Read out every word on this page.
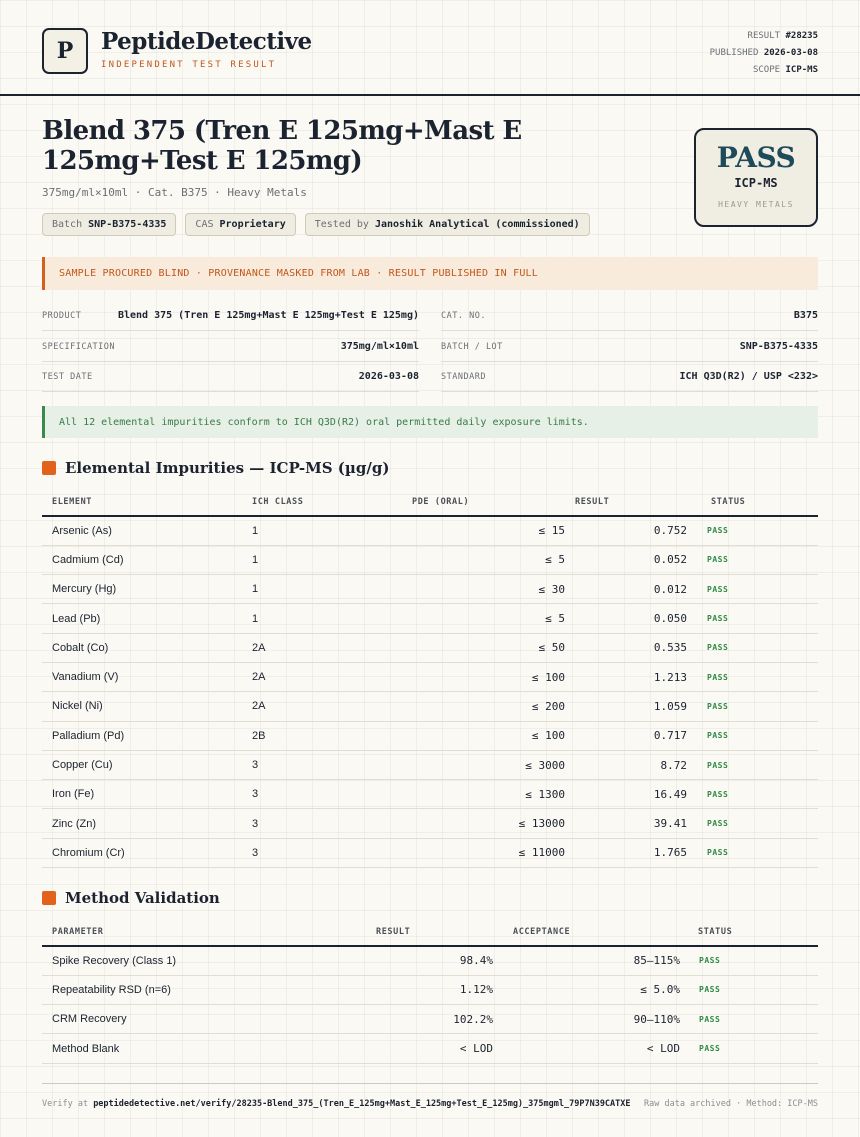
P PeptideDetective
INDEPENDENT TEST RESULT
RESULT #28235
PUBLISHED 2026-03-08
SCOPE ICP-MS
Blend 375 (Tren E 125mg+Mast E 125mg+Test E 125mg)
375mg/ml×10ml · Cat. B375 · Heavy Metals
Batch SNP-B375-4335	CAS Proprietary	Tested by Janoshik Analytical (commissioned)
PASS
ICP-MS
HEAVY METALS
SAMPLE PROCURED BLIND · PROVENANCE MASKED FROM LAB · RESULT PUBLISHED IN FULL
PRODUCT	Blend 375 (Tren E 125mg+Mast E 125mg+Test E 125mg)
SPECIFICATION	375mg/ml×10ml
TEST DATE	2026-03-08
CAT. NO.	B375
BATCH / LOT	SNP-B375-4335
STANDARD	ICH Q3D(R2) / USP <232>
All 12 elemental impurities conform to ICH Q3D(R2) oral permitted daily exposure limits.
Elemental Impurities — ICP-MS (µg/g)
ELEMENT	ICH CLASS	PDE (ORAL)	RESULT	STATUS
Arsenic (As)	1	≤ 15	0.752	PASS
Cadmium (Cd)	1	≤ 5	0.052	PASS
Mercury (Hg)	1	≤ 30	0.012	PASS
Lead (Pb)	1	≤ 5	0.050	PASS
Cobalt (Co)	2A	≤ 50	0.535	PASS
Vanadium (V)	2A	≤ 100	1.213	PASS
Nickel (Ni)	2A	≤ 200	1.059	PASS
Palladium (Pd)	2B	≤ 100	0.717	PASS
Copper (Cu)	3	≤ 3000	8.72	PASS
Iron (Fe)	3	≤ 1300	16.49	PASS
Zinc (Zn)	3	≤ 13000	39.41	PASS
Chromium (Cr)	3	≤ 11000	1.765	PASS
Method Validation
PARAMETER	RESULT	ACCEPTANCE	STATUS
Spike Recovery (Class 1)	98.4%	85–115%	PASS
Repeatability RSD (n=6)	1.12%	≤ 5.0%	PASS
CRM Recovery	102.2%	90–110%	PASS
Method Blank	< LOD	< LOD	PASS
Verify at peptidedetective.net/verify/28235-Blend_375_(Tren_E_125mg+Mast_E_125mg+Test_E_125mg)_375mgml_79P7N39CATXE Raw data archived · Method: ICP-MS
